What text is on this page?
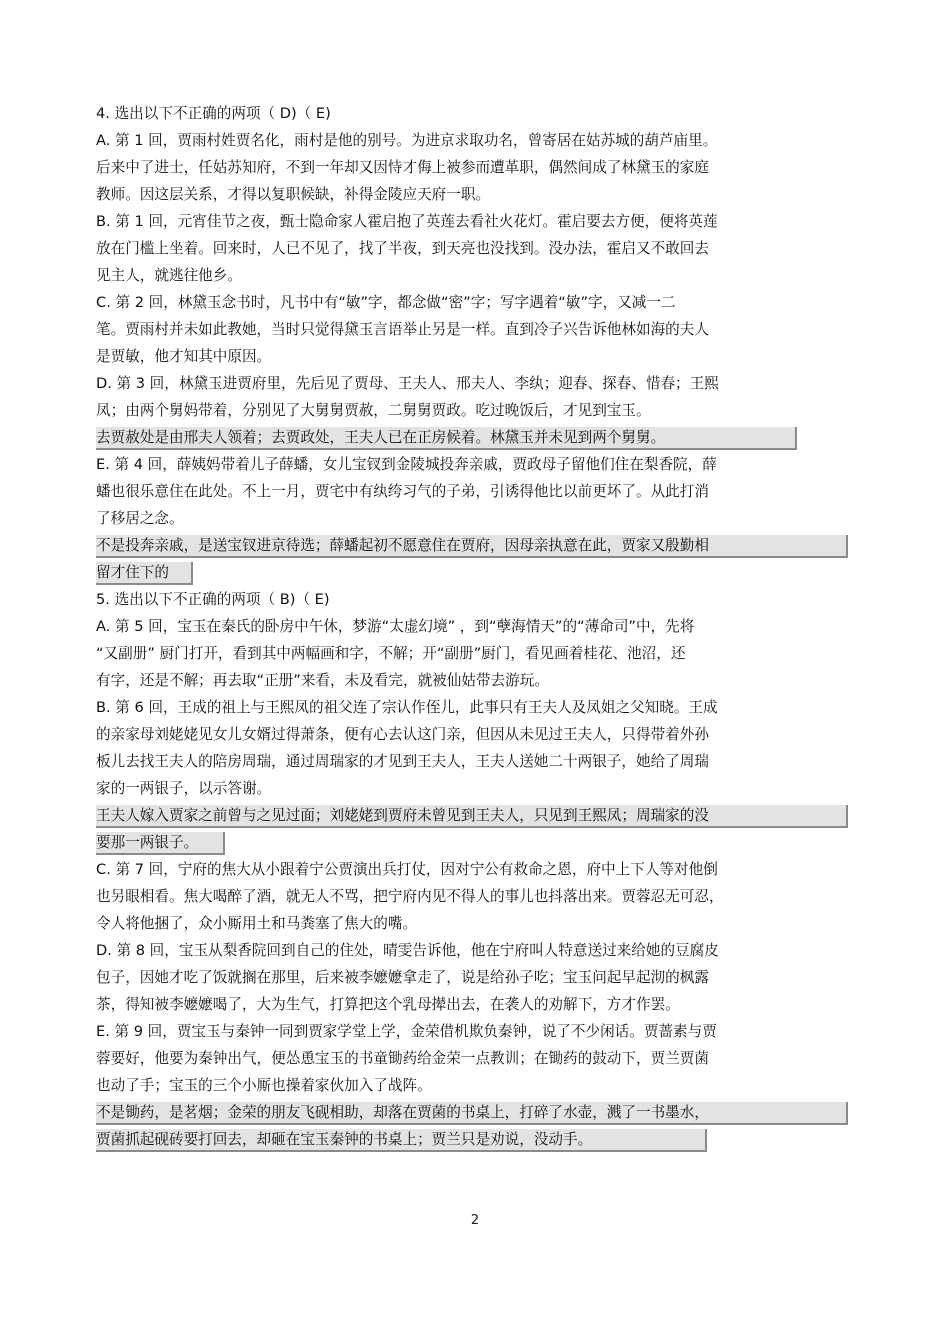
4. 选出以下不正确的两项（ D)（ E)
A. 第 1 回，贾雨村姓贾名化，雨村是他的别号。为进京求取功名，曾寄居在姑苏城的葫芦庙里。
后来中了进士，任姑苏知府，不到一年却又因恃才侮上被参而遭革职，偶然间成了林黛玉的家庭
教师。因这层关系，才得以复职候缺，补得金陵应天府一职。
B. 第 1 回，元宵佳节之夜，甄士隐命家人霍启抱了英莲去看社火花灯。霍启要去方便，便将英莲
放在门槛上坐着。回来时，人已不见了，找了半夜，到天亮也没找到。没办法，霍启又不敢回去
见主人，就逃往他乡。
C. 第 2 回，林黛玉念书时，凡书中有“敏”字，都念做“密”字；写字遇着“敏”字，又减一二
笔。贾雨村并未如此教她，当时只觉得黛玉言语举止另是一样。直到冷子兴告诉他林如海的夫人
是贾敏，他才知其中原因。
D. 第 3 回，林黛玉进贾府里，先后见了贾母、王夫人、邢夫人、李纨；迎春、探春、惜春；王熙
凤；由两个舅妈带着，分别见了大舅舅贾赦，二舅舅贾政。吃过晚饭后，才见到宝玉。
去贾赦处是由邢夫人领着；去贾政处，王夫人已在正房候着。林黛玉并未见到两个舅舅。
E. 第 4 回，薛姨妈带着儿子薛蟠，女儿宝钗到金陵城投奔亲戚，贾政母子留他们住在梨香院，薛
蟠也很乐意住在此处。不上一月，贾宅中有纨绔习气的子弟，引诱得他比以前更坏了。从此打消
了移居之念。
不是投奔亲戚，是送宝钗进京待选；薛蟠起初不愿意住在贾府，因母亲执意在此，贾家又殷勤相
留才住下的
5. 选出以下不正确的两项（ B)（ E)
A. 第 5 回，宝玉在秦氏的卧房中午休，梦游“太虚幻境” ，到“孽海情天”的“薄命司”中，先将
“又副册” 厨门打开，看到其中两幅画和字，不解；开“副册”厨门，看见画着桂花、池沼，还
有字，还是不解；再去取“正册”来看，未及看完，就被仙姑带去游玩。
B. 第 6 回，王成的祖上与王熙凤的祖父连了宗认作侄儿，此事只有王夫人及凤姐之父知晓。王成
的亲家母刘姥姥见女儿女婿过得萧条，便有心去认这门亲，但因从未见过王夫人，只得带着外孙
板儿去找王夫人的陪房周瑞，通过周瑞家的才见到王夫人，王夫人送她二十两银子，她给了周瑞
家的一两银子，以示答谢。
王夫人嫁入贾家之前曾与之见过面；刘姥姥到贾府未曾见到王夫人，只见到王熙凤；周瑞家的没
要那一两银子。
C. 第 7 回，宁府的焦大从小跟着宁公贾演出兵打仗，因对宁公有救命之恩，府中上下人等对他倒
也另眼相看。焦大喝醉了酒，就无人不骂，把宁府内见不得人的事儿也抖落出来。贾蓉忍无可忍，
令人将他捆了，众小厮用土和马粪塞了焦大的嘴。
D. 第 8 回，宝玉从梨香院回到自己的住处，晴雯告诉他，他在宁府叫人特意送过来给她的豆腐皮
包子，因她才吃了饭就搁在那里，后来被李嬷嬷拿走了，说是给孙子吃；宝玉问起早起沏的枫露
茶，得知被李嬷嬷喝了，大为生气，打算把这个乳母撵出去，在袭人的劝解下，方才作罢。
E. 第 9 回，贾宝玉与秦钟一同到贾家学堂上学，金荣借机欺负秦钟，说了不少闲话。贾蔷素与贾
蓉要好，他要为秦钟出气，便怂恿宝玉的书童锄药给金荣一点教训；在锄药的鼓动下，贾兰贾菌
也动了手；宝玉的三个小厮也操着家伙加入了战阵。
不是锄药，是茗烟；金荣的朋友飞砚相助，却落在贾菌的书桌上，打碎了水壶，溅了一书墨水，
贾菌抓起砚砖要打回去，却砸在宝玉秦钟的书桌上；贾兰只是劝说，没动手。
2
